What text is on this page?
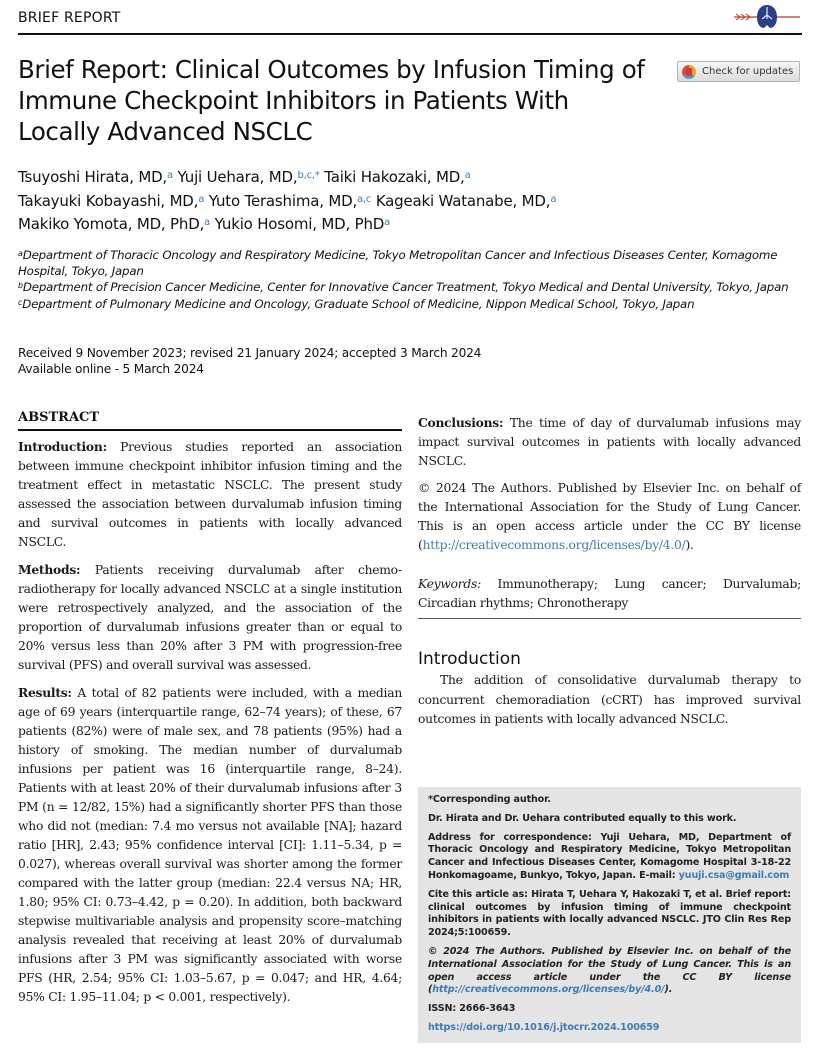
BRIEF REPORT
Brief Report: Clinical Outcomes by Infusion Timing of Immune Checkpoint Inhibitors in Patients With Locally Advanced NSCLC
Check for updates
Tsuyoshi Hirata, MD,$^a$ Yuji Uehara, MD,$^{b,c,*}$ Taiki Hakozaki, MD,$^a$
Takayuki Kobayashi, MD,$^a$ Yuto Terashima, MD,$^{a,c}$ Kageaki Watanabe, MD,$^a$
Makiko Yomota, MD, PhD,$^a$ Yukio Hosomi, MD, PhD$^a$
$^a$Department of Thoracic Oncology and Respiratory Medicine, Tokyo Metropolitan Cancer and Infectious Diseases Center, Komagome Hospital, Tokyo, Japan
$^b$Department of Precision Cancer Medicine, Center for Innovative Cancer Treatment, Tokyo Medical and Dental University, Tokyo, Japan
$^c$Department of Pulmonary Medicine and Oncology, Graduate School of Medicine, Nippon Medical School, Tokyo, Japan
Received 9 November 2023; revised 21 January 2024; accepted 3 March 2024
Available online - 5 March 2024
ABSTRACT

Introduction: Previous studies reported an association between immune checkpoint inhibitor infusion timing and the treatment effect in metastatic NSCLC. The present study assessed the association between durvalumab infusion timing and survival outcomes in patients with locally advanced NSCLC.

Methods: Patients receiving durvalumab after chemoradiotherapy for locally advanced NSCLC at a single institution were retrospectively analyzed, and the association of the proportion of durvalumab infusions greater than or equal to 20% versus less than 20% after 3 PM with progression-free survival (PFS) and overall survival was assessed.

Results: A total of 82 patients were included, with a median age of 69 years (interquartile range, 62–74 years); of these, 67 patients (82%) were of male sex, and 78 patients (95%) had a history of smoking. The median number of durvalumab infusions per patient was 16 (interquartile range, 8–24). Patients with at least 20% of their durvalumab infusions after 3 PM (n = 12/82, 15%) had a significantly shorter PFS than those who did not (median: 7.4 mo versus not available [NA]; hazard ratio [HR], 2.43; 95% confidence interval [CI]: 1.11–5.34, p = 0.027), whereas overall survival was shorter among the former compared with the latter group (median: 22.4 versus NA; HR, 1.80; 95% CI: 0.73–4.42, p = 0.20). In addition, both backward stepwise multivariable analysis and propensity score–matching analysis revealed that receiving at least 20% of durvalumab infusions after 3 PM was significantly associated with worse PFS (HR, 2.54; 95% CI: 1.03–5.67, p = 0.047; and HR, 4.64; 95% CI: 1.95–11.04; p < 0.001, respectively).

Conclusions: The time of day of durvalumab infusions may impact survival outcomes in patients with locally advanced NSCLC.

© 2024 The Authors. Published by Elsevier Inc. on behalf of the International Association for the Study of Lung Cancer. This is an open access article under the CC BY license (http://creativecommons.org/licenses/by/4.0/).

Keywords: Immunotherapy; Lung cancer; Durvalumab; Circadian rhythms; Chronotherapy

Introduction

The addition of consolidative durvalumab therapy to concurrent chemoradiation (cCRT) has improved survival outcomes in patients with locally advanced NSCLC.

*Corresponding author.

Dr. Hirata and Dr. Uehara contributed equally to this work.

Address for correspondence: Yuji Uehara, MD, Department of Thoracic Oncology and Respiratory Medicine, Tokyo Metropolitan Cancer and Infectious Diseases Center, Komagome Hospital 3-18-22 Honkomagoame, Bunkyo, Tokyo, Japan. E-mail: yuuji.csa@gmail.com

Cite this article as: Hirata T, Uehara Y, Hakozaki T, et al. Brief report: clinical outcomes by infusion timing of immune checkpoint inhibitors in patients with locally advanced NSCLC. JTO Clin Res Rep 2024;5:100659.

© 2024 The Authors. Published by Elsevier Inc. on behalf of the International Association for the Study of Lung Cancer. This is an open access article under the CC BY license (http://creativecommons.org/licenses/by/4.0/).

ISSN: 2666-3643

https://doi.org/10.1016/j.jtocrr.2024.100659
